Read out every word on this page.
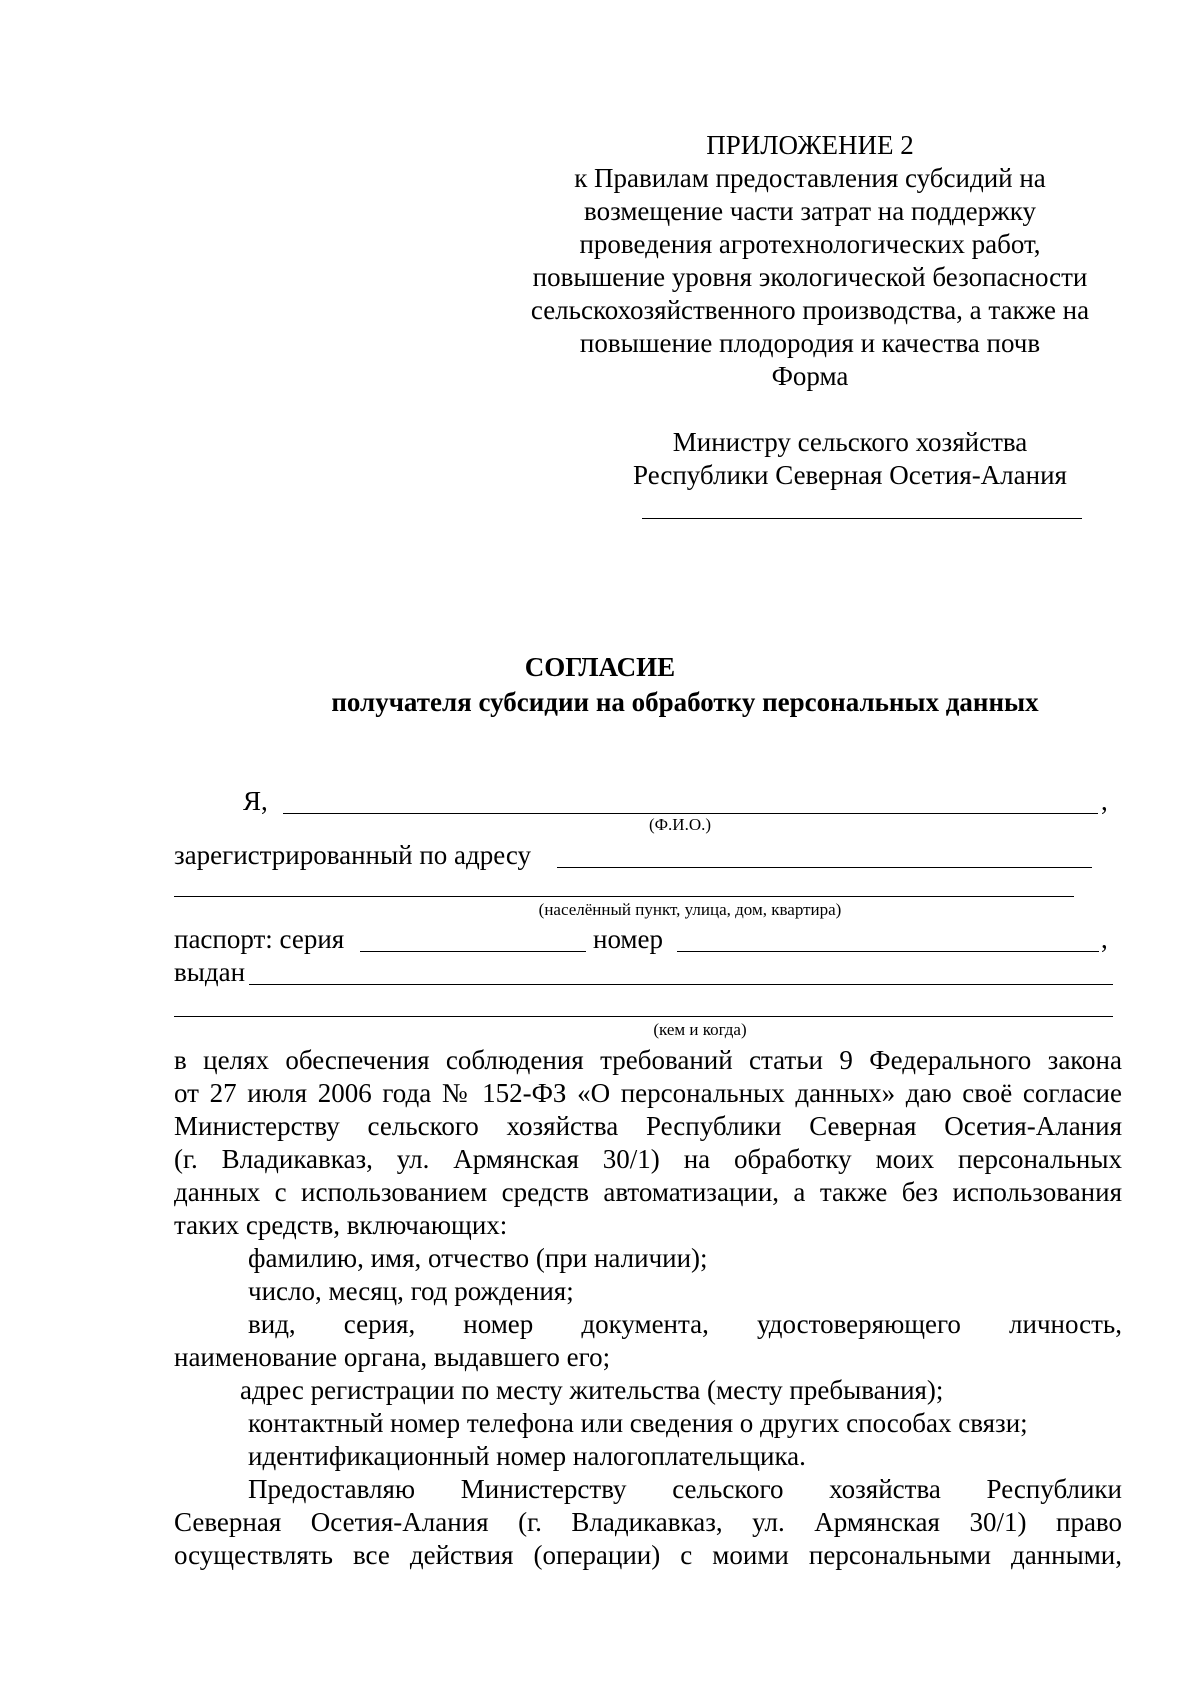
ПРИЛОЖЕНИЕ 2
к Правилам предоставления субсидий на
возмещение части затрат на поддержку
проведения агротехнологических работ,
повышение уровня экологической безопасности
сельскохозяйственного производства, а также на
повышение плодородия и качества почв
Форма
Министру сельского хозяйства
Республики Северная Осетия-Алания
СОГЛАСИЕ
получателя субсидии на обработку персональных данных
Я,	,
(Ф.И.О.)
зарегистрированный по адресу
(населённый пункт, улица, дом, квартира)
паспорт: серия	номер	,
выдан
(кем и когда)
в целях обеспечения соблюдения требований статьи 9 Федерального закона
от 27 июля 2006 года № 152-ФЗ «О персональных данных» даю своё согласие
Министерству сельского хозяйства Республики Северная Осетия-Алания
(г. Владикавказ, ул. Армянская 30/1) на обработку моих персональных
данных с использованием средств автоматизации, а также без использования
таких средств, включающих:
фамилию, имя, отчество (при наличии);
число, месяц, год рождения;
вид, серия, номер документа, удостоверяющего личность,
наименование органа, выдавшего его;
адрес регистрации по месту жительства (месту пребывания);
контактный номер телефона или сведения о других способах связи;
идентификационный номер налогоплательщика.
Предоставляю Министерству сельского хозяйства Республики
Северная Осетия-Алания (г. Владикавказ, ул. Армянская 30/1) право
осуществлять все действия (операции) с моими персональными данными,
